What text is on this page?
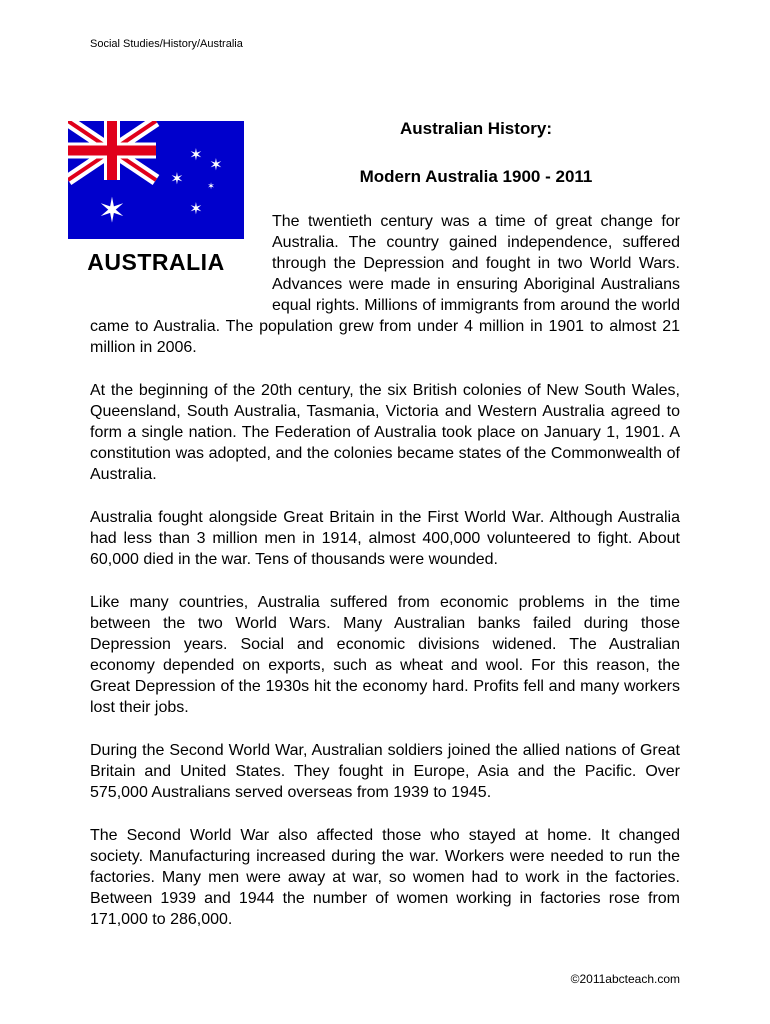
Social Studies/History/Australia
✶
✶
✶
✶
✶
✶
AUSTRALIA
Australian History:
Modern Australia 1900 - 2011

The twentieth century was a time of great change for Australia. The country gained independence, suffered through the Depression and fought in two World Wars. Advances were made in ensuring Aboriginal Australians equal rights. Millions of immigrants from around the world came to Australia. The population grew from under 4 million in 1901 to almost 21 million in 2006.

At the beginning of the 20th century, the six British colonies of New South Wales, Queensland, South Australia, Tasmania, Victoria and Western Australia agreed to form a single nation. The Federation of Australia took place on January 1, 1901. A constitution was adopted, and the colonies became states of the Commonwealth of Australia.

Australia fought alongside Great Britain in the First World War. Although Australia had less than 3 million men in 1914, almost 400,000 volunteered to fight. About 60,000 died in the war. Tens of thousands were wounded.

Like many countries, Australia suffered from economic problems in the time between the two World Wars. Many Australian banks failed during those Depression years. Social and economic divisions widened. The Australian economy depended on exports, such as wheat and wool. For this reason, the Great Depression of the 1930s hit the economy hard. Profits fell and many workers lost their jobs.

During the Second World War, Australian soldiers joined the allied nations of Great Britain and United States. They fought in Europe, Asia and the Pacific. Over 575,000 Australians served overseas from 1939 to 1945.

The Second World War also affected those who stayed at home. It changed society. Manufacturing increased during the war. Workers were needed to run the factories. Many men were away at war, so women had to work in the factories. Between 1939 and 1944 the number of women working in factories rose from 171,000 to 286,000.

©2011abcteach.com
